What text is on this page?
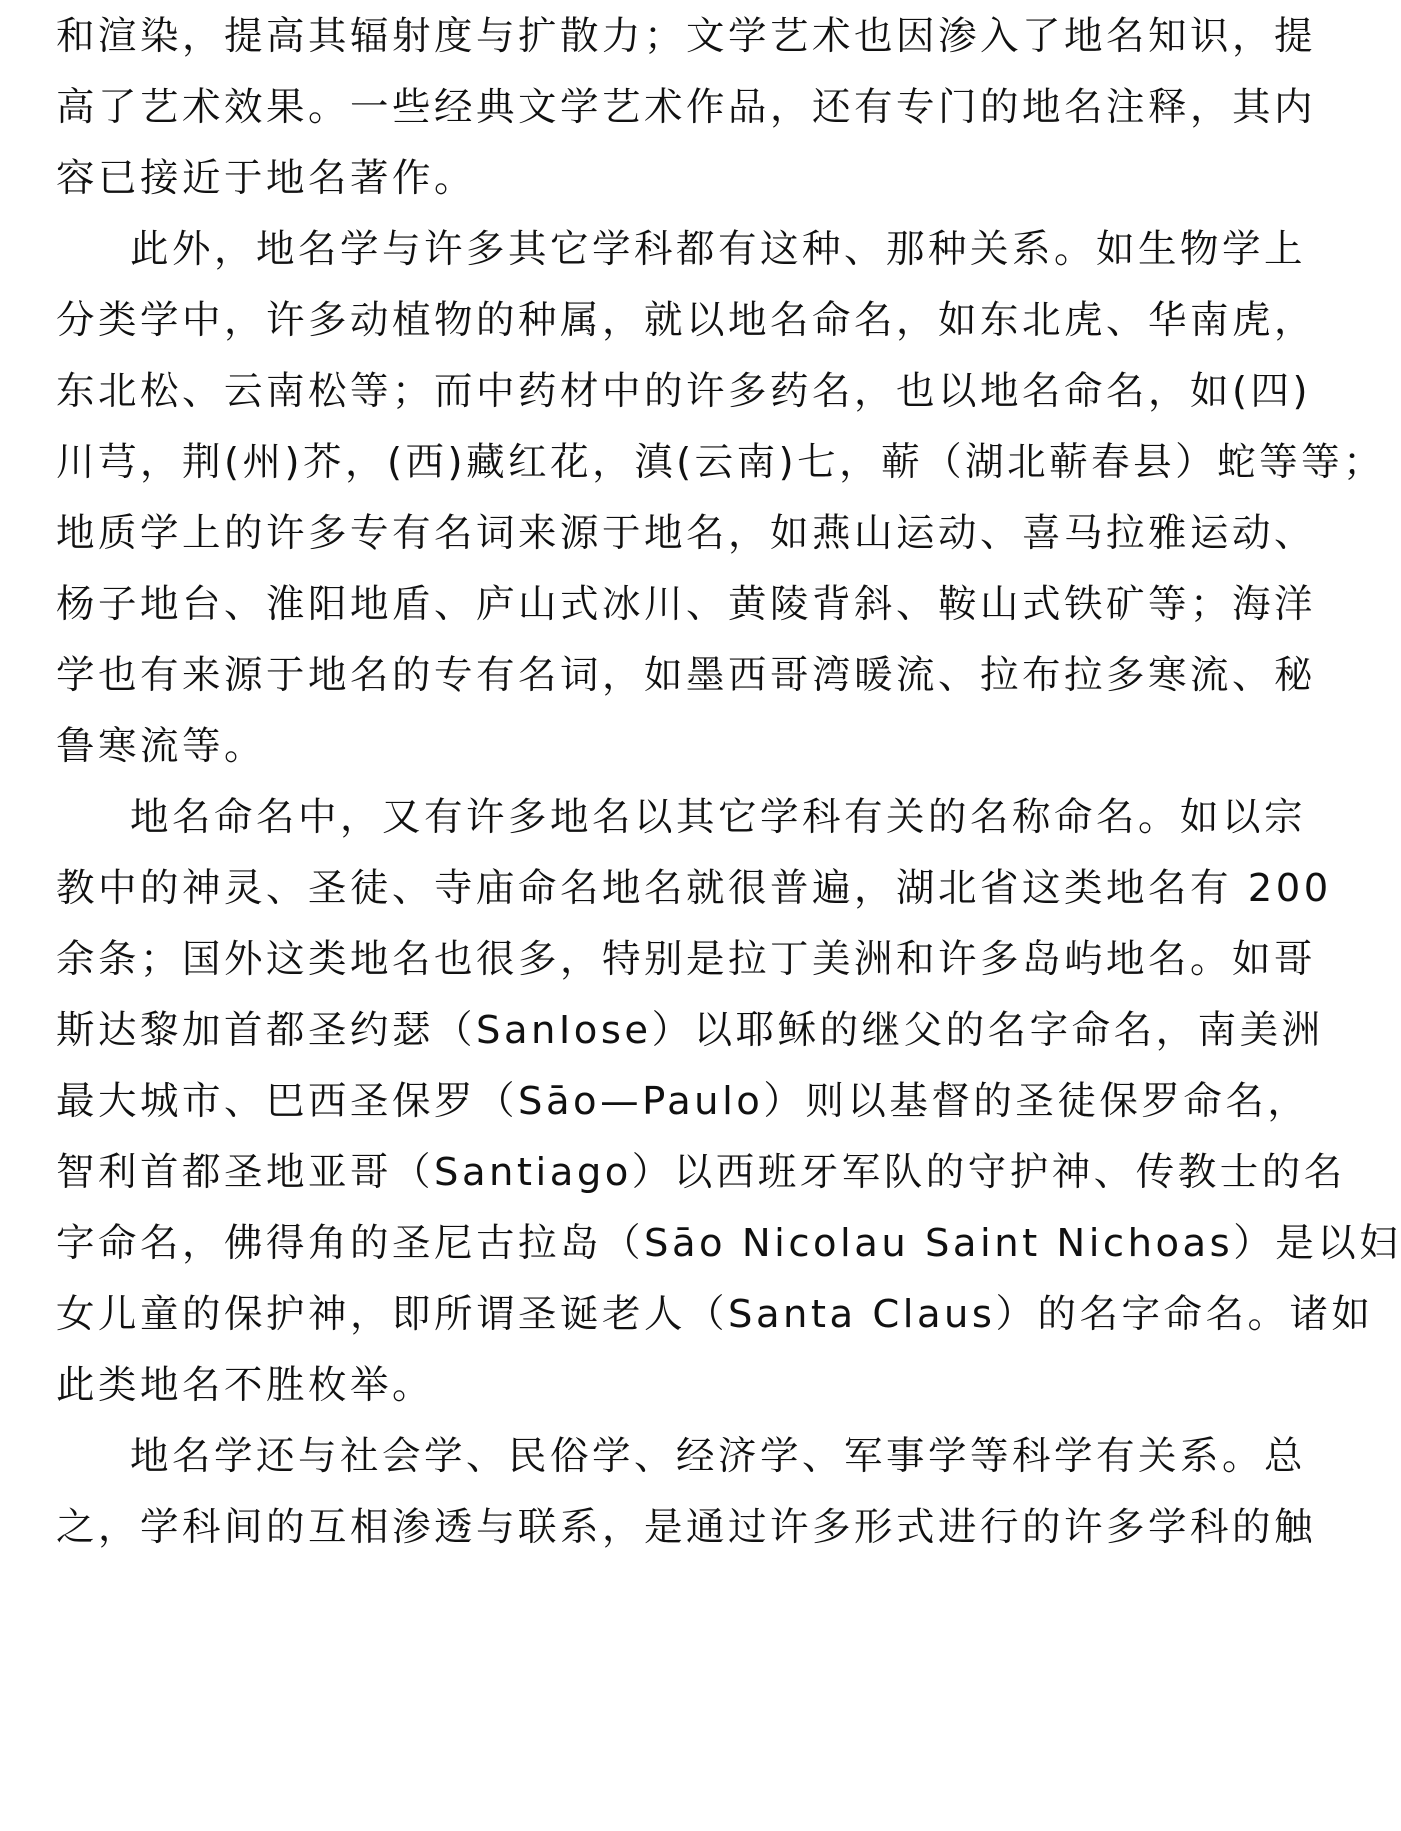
和渲染，提高其辐射度与扩散力；文学艺术也因渗入了地名知识，提
高了艺术效果。一些经典文学艺术作品，还有专门的地名注释，其内
容已接近于地名著作。
此外，地名学与许多其它学科都有这种、那种关系。如生物学上
分类学中，许多动植物的种属，就以地名命名，如东北虎、华南虎，
东北松、云南松等；而中药材中的许多药名，也以地名命名，如(四)
川芎，荆(州)芥，(西)藏红花，滇(云南)七，蕲（湖北蕲春县）蛇等等；
地质学上的许多专有名词来源于地名，如燕山运动、喜马拉雅运动、
杨子地台、淮阳地盾、庐山式冰川、黄陵背斜、鞍山式铁矿等；海洋
学也有来源于地名的专有名词，如墨西哥湾暖流、拉布拉多寒流、秘
鲁寒流等。
地名命名中，又有许多地名以其它学科有关的名称命名。如以宗
教中的神灵、圣徒、寺庙命名地名就很普遍，湖北省这类地名有 200
余条；国外这类地名也很多，特别是拉丁美洲和许多岛屿地名。如哥
斯达黎加首都圣约瑟（SanIose）以耶稣的继父的名字命名，南美洲
最大城市、巴西圣保罗（Sāo—Paulo）则以基督的圣徒保罗命名，
智利首都圣地亚哥（Santiago）以西班牙军队的守护神、传教士的名
字命名，佛得角的圣尼古拉岛（Sāo Nicolau Saint Nichoas）是以妇
女儿童的保护神，即所谓圣诞老人（Santa Claus）的名字命名。诸如
此类地名不胜枚举。
地名学还与社会学、民俗学、经济学、军事学等科学有关系。总
之，学科间的互相渗透与联系，是通过许多形式进行的许多学科的触
